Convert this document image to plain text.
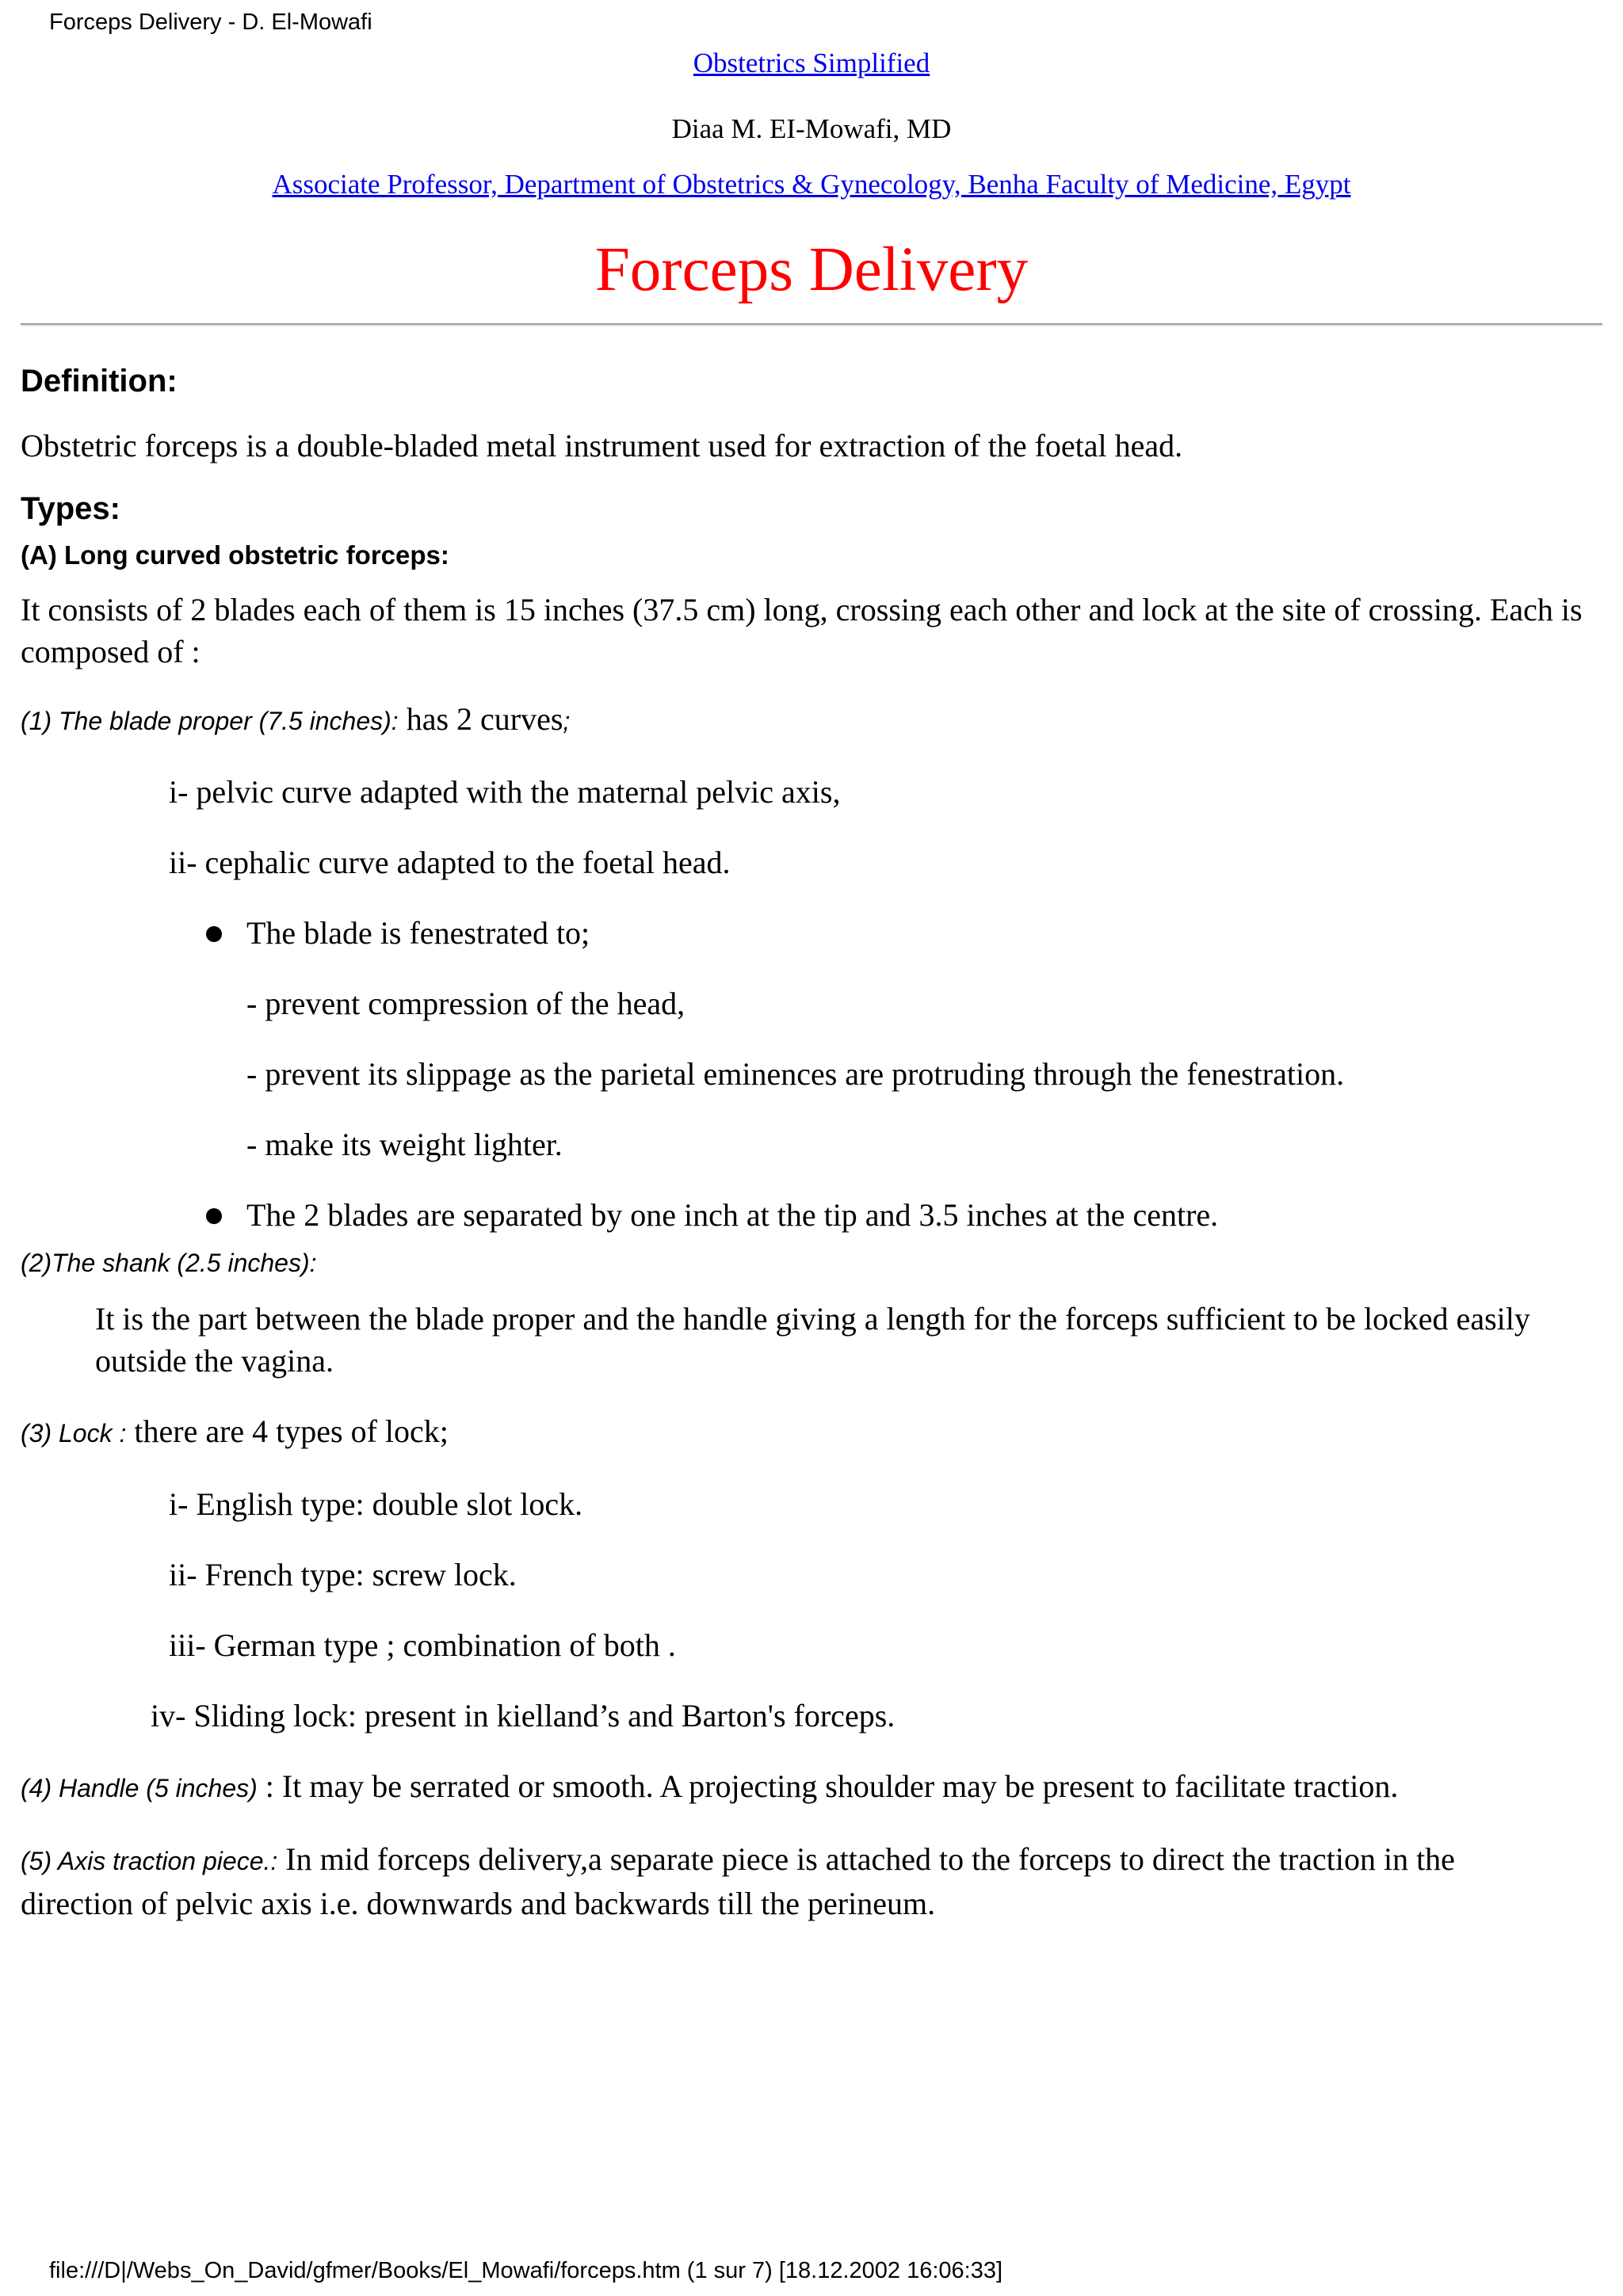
Forceps Delivery - D. El-Mowafi

Obstetrics Simplified

Diaa M. EI-Mowafi, MD

Associate Professor, Department of Obstetrics & Gynecology, Benha Faculty of Medicine, Egypt

Forceps Delivery
Definition:

Obstetric forceps is a double-bladed metal instrument used for extraction of the foetal head.

Types:

(A) Long curved obstetric forceps:

It consists of 2 blades each of them is 15 inches (37.5 cm) long, crossing each other and lock at the site of crossing. Each is composed of :

(1) The blade proper (7.5 inches): has 2 curves;

i- pelvic curve adapted with the maternal pelvic axis,

ii- cephalic curve adapted to the foetal head.

The blade is fenestrated to;

- prevent compression of the head,

- prevent its slippage as the parietal eminences are protruding through the fenestration.

- make its weight lighter.

The 2 blades are separated by one inch at the tip and 3.5 inches at the centre.

(2)The shank (2.5 inches):

It is the part between the blade proper and the handle giving a length for the forceps sufficient to be locked easily outside the vagina.

(3) Lock : there are 4 types of lock;

i- English type: double slot lock.

ii- French type: screw lock.

iii- German type ; combination of both .

iv- Sliding lock: present in kielland’s and Barton's forceps.

(4) Handle (5 inches) : It may be serrated or smooth. A projecting shoulder may be present to facilitate traction.

(5) Axis traction piece.: In mid forceps delivery,a separate piece is attached to the forceps to direct the traction in the direction of pelvic axis i.e. downwards and backwards till the perineum.

file:///D|/Webs_On_David/gfmer/Books/El_Mowafi/forceps.htm (1 sur 7) [18.12.2002 16:06:33]
